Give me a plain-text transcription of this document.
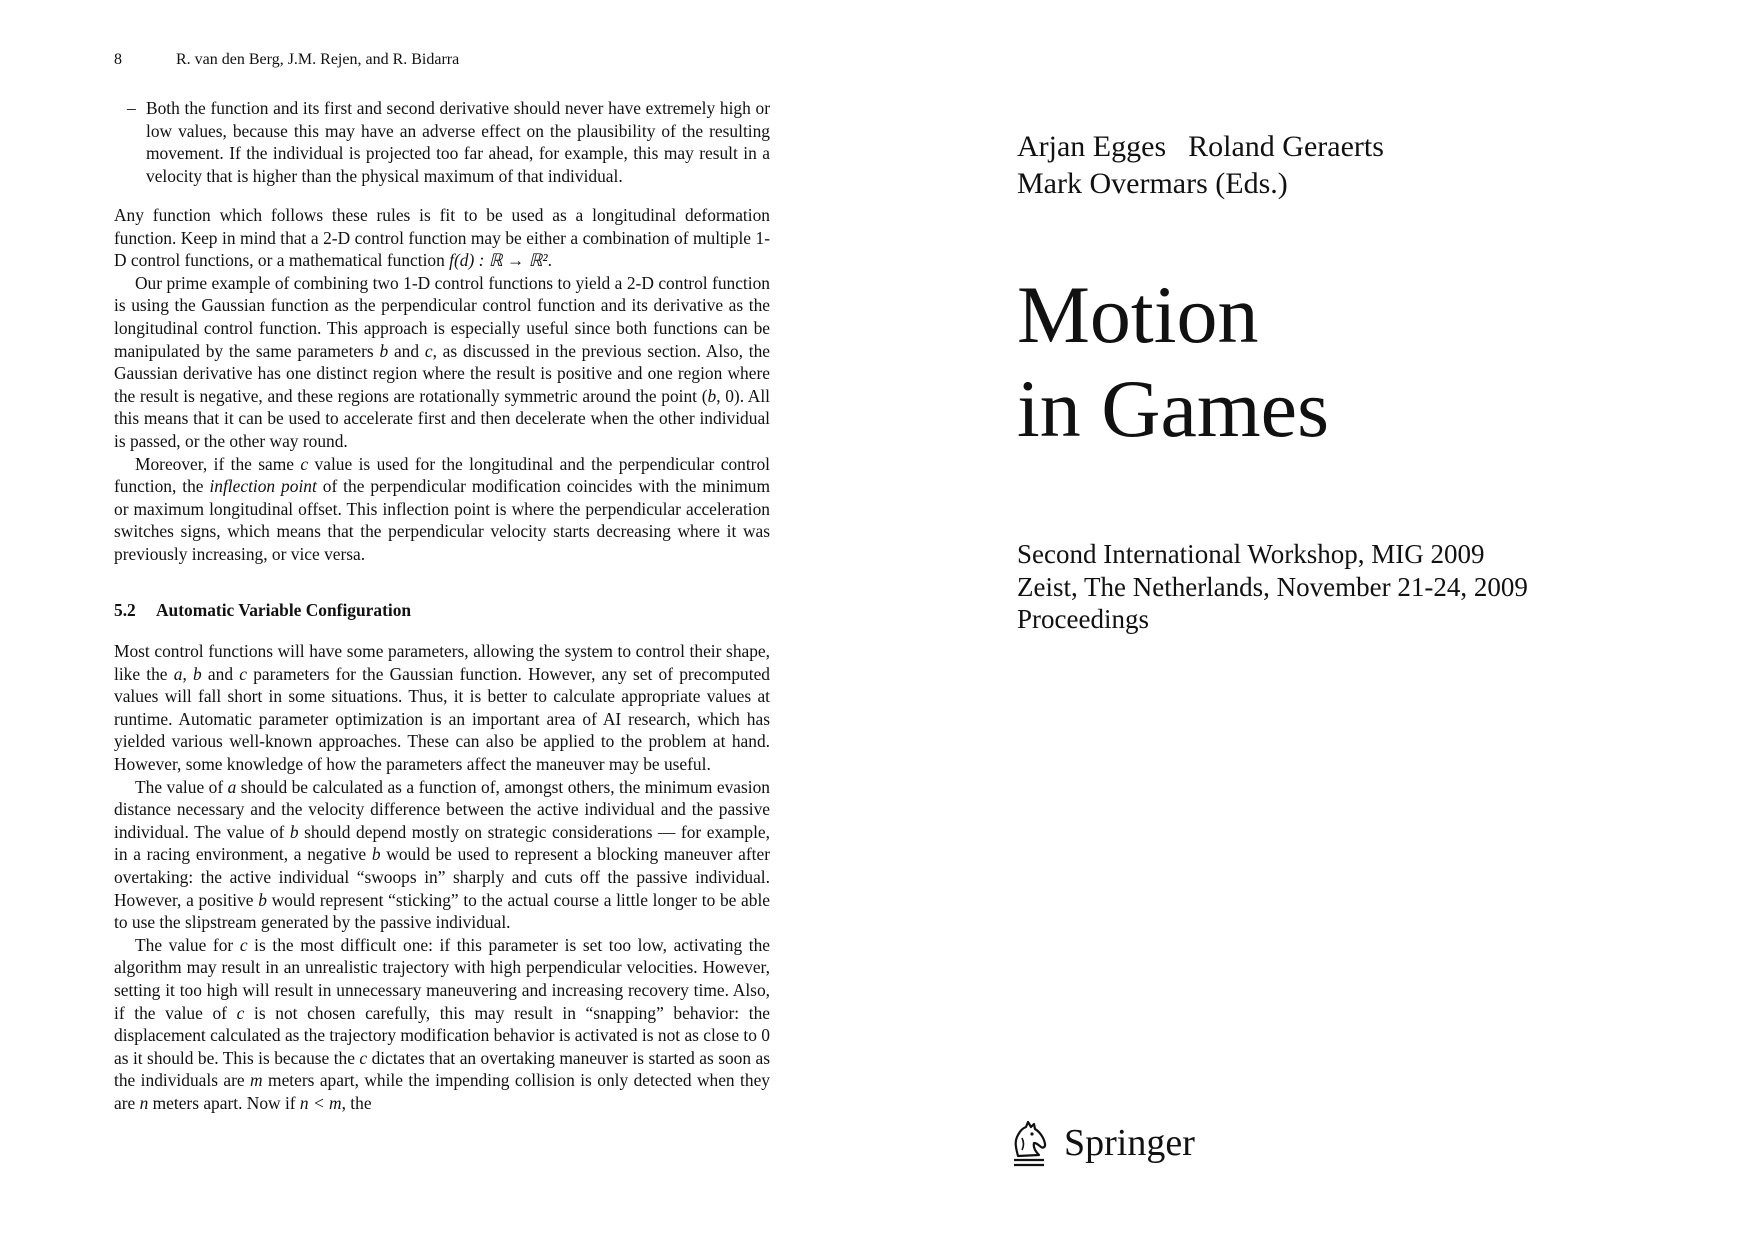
8	R. van den Berg, J.M. Rejen, and R. Bidarra
– Both the function and its first and second derivative should never have extremely high or low values, because this may have an adverse effect on the plausibility of the resulting movement. If the individual is projected too far ahead, for example, this may result in a velocity that is higher than the physical maximum of that individual.

Any function which follows these rules is fit to be used as a longitudinal deformation function. Keep in mind that a 2-D control function may be either a combination of multiple 1-D control functions, or a mathematical function f(d) : ℝ → ℝ².

Our prime example of combining two 1-D control functions to yield a 2-D control function is using the Gaussian function as the perpendicular control function and its derivative as the longitudinal control function. This approach is especially useful since both functions can be manipulated by the same parameters b and c, as discussed in the previous section. Also, the Gaussian derivative has one distinct region where the result is positive and one region where the result is negative, and these regions are rotationally symmetric around the point (b, 0). All this means that it can be used to accelerate first and then decelerate when the other individual is passed, or the other way round.

Moreover, if the same c value is used for the longitudinal and the perpendicular control function, the inflection point of the perpendicular modification coincides with the minimum or maximum longitudinal offset. This inflection point is where the perpendicular acceleration switches signs, which means that the perpendicular velocity starts decreasing where it was previously increasing, or vice versa.

5.2 Automatic Variable Configuration

Most control functions will have some parameters, allowing the system to control their shape, like the a, b and c parameters for the Gaussian function. However, any set of precomputed values will fall short in some situations. Thus, it is better to calculate appropriate values at runtime. Automatic parameter optimization is an important area of AI research, which has yielded various well-known approaches. These can also be applied to the problem at hand. However, some knowledge of how the parameters affect the maneuver may be useful.

The value of a should be calculated as a function of, amongst others, the minimum evasion distance necessary and the velocity difference between the active individual and the passive individual. The value of b should depend mostly on strategic considerations — for example, in a racing environment, a negative b would be used to represent a blocking maneuver after overtaking: the active individual “swoops in” sharply and cuts off the passive individual. However, a positive b would represent “sticking” to the actual course a little longer to be able to use the slipstream generated by the passive individual.

The value for c is the most difficult one: if this parameter is set too low, activating the algorithm may result in an unrealistic trajectory with high perpendicular velocities. However, setting it too high will result in unnecessary maneuvering and increasing recovery time. Also, if the value of c is not chosen carefully, this may result in “snapping” behavior: the displacement calculated as the trajectory modification behavior is activated is not as close to 0 as it should be. This is because the c dictates that an overtaking maneuver is started as soon as the individuals are m meters apart, while the impending collision is only detected when they are n meters apart. Now if n < m, the

Arjan Egges Roland Geraerts
Mark Overmars (Eds.)
Motion
in Games
Second International Workshop, MIG 2009
Zeist, The Netherlands, November 21-24, 2009
Proceedings
Springer
